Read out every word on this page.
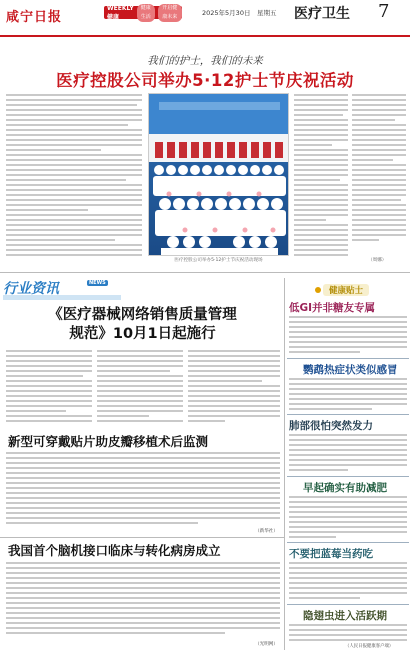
咸宁日报
WEEKLY健康
健康生活
开启健康未来	2025年5月30日　星期五 医疗卫生 7
我们的护士，我们的未来
医疗控股公司举办5·12护士节庆祝活动
医疗控股公司举办5·12护士节庆祝活动现场	（周娜）
行业资讯	NEWS
《医疗器械网络销售质量管理
规范》10月1日起施行
新型可穿戴贴片助皮瓣移植术后监测
（新华社）
我国首个脑机接口临床与转化病房成立
（光明网）
健康贴士
低GI并非糖友专属
鹦鹉热症状类似感冒
肺部很怕突然发力
早起确实有助减肥
不要把蓝莓当药吃
隐翅虫进入活跃期
（人民日报健康客户端）
